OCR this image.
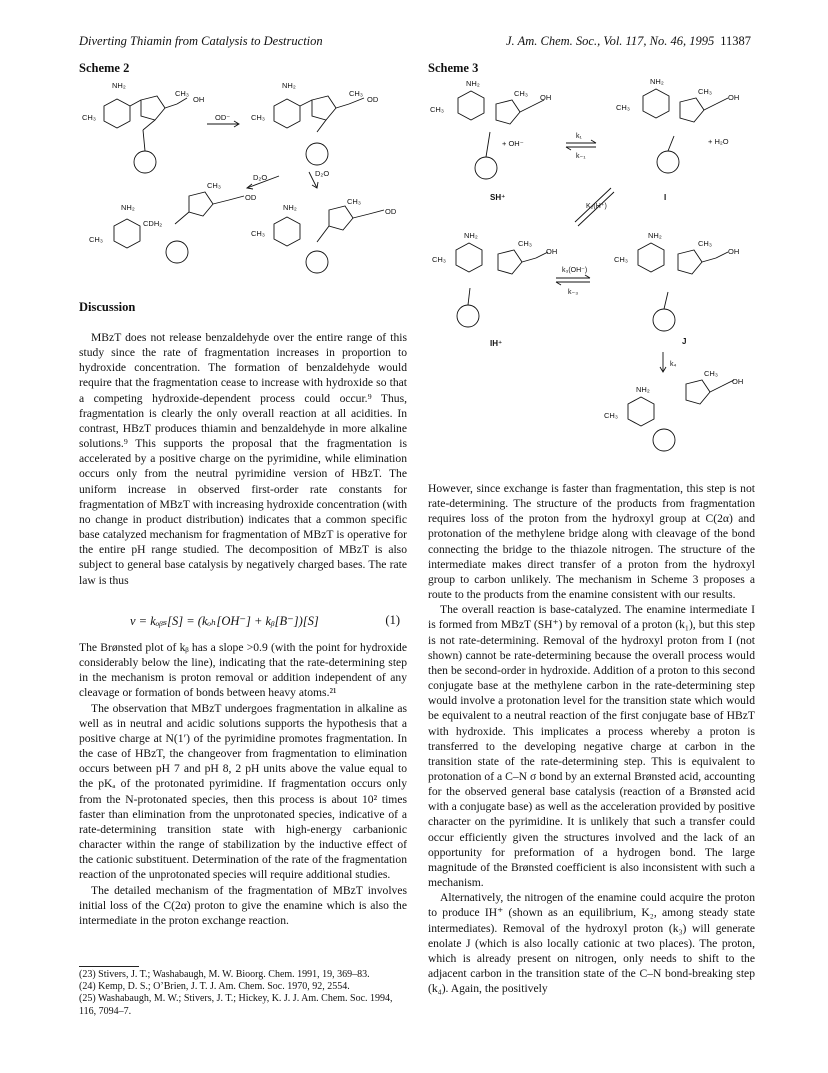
Diverting Thiamin from Catalysis to Destruction	J. Am. Chem. Soc., Vol. 117, No. 46, 1995 11387
Scheme 2
NH₂
CH₃
CH₃
OH
OD⁻
NH₂
CH₃
CH₃
OD
D₂O	D₂O
NH₂
CDH₂
CH₃
CH₃
OD
NH₂
CH₃
CH₃
OD
Scheme 3
NH₂
CH₃
CH₃ OH
+ OH⁻
k₁
k₋₁
NH₂
CH₃
CH₃
OH
+ H₂O
SH⁺	I
K₂(H⁺)
NH₂
CH₃
CH₃
OH
k₃(OH⁻)
k₋₃
NH₂
CH₃
CH₃
OH
IH⁺	J
k₄
NH₂
CH₃
CH₃
OH
Discussion

MBzT does not release benzaldehyde over the entire range of this study since the rate of fragmentation increases in proportion to hydroxide concentration. The formation of benzaldehyde would require that the fragmentation cease to increase with hydroxide so that a competing hydroxide-dependent process could occur.⁹ Thus, fragmentation is clearly the only overall reaction at all acidities. In contrast, HBzT produces thiamin and benzaldehyde in more alkaline solutions.⁹ This supports the proposal that the fragmentation is accelerated by a positive charge on the pyrimidine, while elimination occurs only from the neutral pyrimidine version of HBzT. The uniform increase in observed first-order rate constants for fragmentation of MBzT with increasing hydroxide concentration (with no change in product distribution) indicates that a common specific base catalyzed mechanism for fragmentation of MBzT is operative for the entire pH range studied. The decomposition of MBzT is also subject to general base catalysis by negatively charged bases. The rate law is thus

v = kₒᵦₛ[S] = (kₒₕ[OH⁻] + kᵦ[B⁻])[S]	(1)

The Brønsted plot of kᵦ has a slope >0.9 (with the point for hydroxide considerably below the line), indicating that the rate-determining step in the mechanism is proton removal or addition independent of any cleavage or formation of bonds between heavy atoms.²¹

The observation that MBzT undergoes fragmentation in alkaline as well as in neutral and acidic solutions supports the hypothesis that a positive charge at N(1′) of the pyrimidine promotes fragmentation. In the case of HBzT, the changeover from fragmentation to elimination occurs between pH 7 and pH 8, 2 pH units above the value equal to the pKₐ of the protonated pyrimidine. If fragmentation occurs only from the N-protonated species, then this process is about 10² times faster than elimination from the unprotonated species, indicative of a rate-determining transition state with high-energy carbanionic character within the range of stabilization by the inductive effect of the cationic substituent. Determination of the rate of the fragmentation reaction of the unprotonated species will require additional studies.

The detailed mechanism of the fragmentation of MBzT involves initial loss of the C(2α) proton to give the enamine which is also the intermediate in the proton exchange reaction.

(23) Stivers, J. T.; Washabaugh, M. W. Bioorg. Chem. 1991, 19, 369–83.
(24) Kemp, D. S.; O’Brien, J. T. J. Am. Chem. Soc. 1970, 92, 2554.
(25) Washabaugh, M. W.; Stivers, J. T.; Hickey, K. J. J. Am. Chem. Soc. 1994, 116, 7094–7.

However, since exchange is faster than fragmentation, this step is not rate-determining. The structure of the products from fragmentation requires loss of the proton from the hydroxyl group at C(2α) and protonation of the methylene bridge along with cleavage of the bond connecting the bridge to the thiazole nitrogen. The structure of the intermediate makes direct transfer of a proton from the hydroxyl group to carbon unlikely. The mechanism in Scheme 3 proposes a route to the products from the enamine consistent with our results.

The overall reaction is base-catalyzed. The enamine intermediate I is formed from MBzT (SH⁺) by removal of a proton (k₁), but this step is not rate-determining. Removal of the hydroxyl proton from I (not shown) cannot be rate-determining because the overall process would then be second-order in hydroxide. Addition of a proton to this second conjugate base at the methylene carbon in the rate-determining step would involve a protonation level for the transition state which would be equivalent to a neutral reaction of the first conjugate base of HBzT with hydroxide. This implicates a process whereby a proton is transferred to the developing negative charge at carbon in the transition state of the rate-determining step. This is equivalent to protonation of a C–N σ bond by an external Brønsted acid, accounting for the observed general base catalysis (reaction of a Brønsted acid with a conjugate base) as well as the acceleration provided by positive character on the pyrimidine. It is unlikely that such a transfer could occur efficiently given the structures involved and the lack of an opportunity for preformation of a hydrogen bond. The large magnitude of the Brønsted coefficient is also inconsistent with such a mechanism.

Alternatively, the nitrogen of the enamine could acquire the proton to produce IH⁺ (shown as an equilibrium, K₂, among steady state intermediates). Removal of the hydroxyl proton (k₃) will generate enolate J (which is also locally cationic at two places). The proton, which is already present on nitrogen, only needs to shift to the adjacent carbon in the transition state of the C–N bond-breaking step (k₄). Again, the positively
